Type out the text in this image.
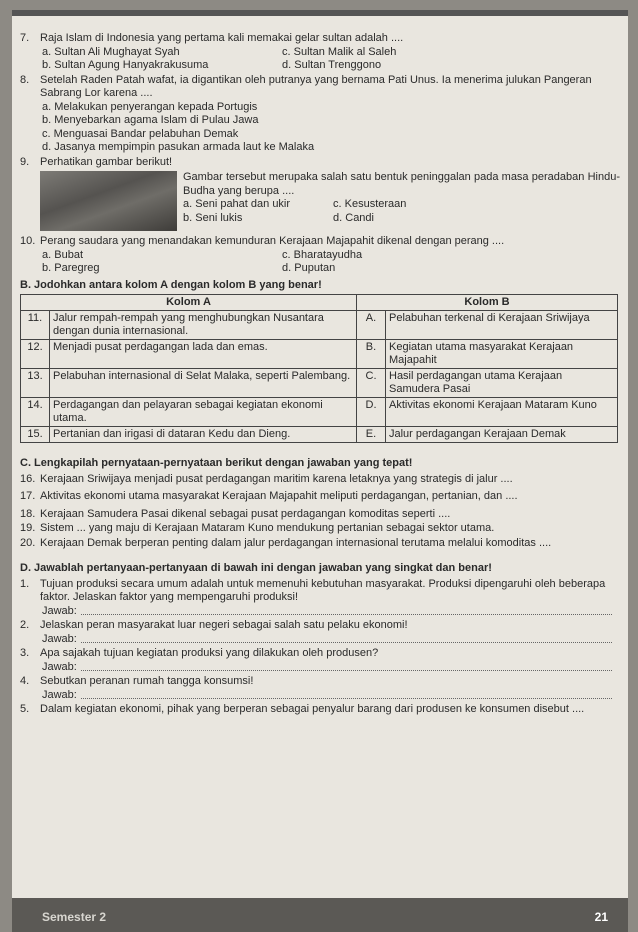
7. Raja Islam di Indonesia yang pertama kali memakai gelar sultan adalah ....
a. Sultan Ali Mughayat Syah	c. Sultan Malik al Saleh
b. Sultan Agung Hanyakrakusuma	d. Sultan Trenggono
8. Setelah Raden Patah wafat, ia digantikan oleh putranya yang bernama Pati Unus. Ia menerima julukan Pangeran Sabrang Lor karena ....
a. Melakukan penyerangan kepada Portugis
b. Menyebarkan agama Islam di Pulau Jawa
c. Menguasai Bandar pelabuhan Demak
d. Jasanya mempimpin pasukan armada laut ke Malaka
9. Perhatikan gambar berikut!
Gambar tersebut merupaka salah satu bentuk peninggalan pada masa peradaban Hindu-Budha yang berupa ....
a. Seni pahat dan ukir	c. Kesusteraan
b. Seni lukis	d. Candi
10. Perang saudara yang menandakan kemunduran Kerajaan Majapahit dikenal dengan perang ....
a. Bubat	c. Bharatayudha
b. Paregreg	d. Puputan
B. Jodohkan antara kolom A dengan kolom B yang benar!
Kolom A		Kolom B	
11.	Jalur rempah-rempah yang menghubungkan Nusantara dengan dunia internasional.	A.	Pelabuhan terkenal di Kerajaan Sriwijaya
12.	Menjadi pusat perdagangan lada dan emas.	B.	Kegiatan utama masyarakat Kerajaan Majapahit
13.	Pelabuhan internasional di Selat Malaka, seperti Palembang.	C.	Hasil perdagangan utama Kerajaan Samudera Pasai
14.	Perdagangan dan pelayaran sebagai kegiatan ekonomi utama.	D.	Aktivitas ekonomi Kerajaan Mataram Kuno
15.	Pertanian dan irigasi di dataran Kedu dan Dieng.	E.	Jalur perdagangan Kerajaan Demak
C. Lengkapilah pernyataan-pernyataan berikut dengan jawaban yang tepat!
16. Kerajaan Sriwijaya menjadi pusat perdagangan maritim karena letaknya yang strategis di jalur ....
17. Aktivitas ekonomi utama masyarakat Kerajaan Majapahit meliputi perdagangan, pertanian, dan ....
18. Kerajaan Samudera Pasai dikenal sebagai pusat perdagangan komoditas seperti ....
19. Sistem ... yang maju di Kerajaan Mataram Kuno mendukung pertanian sebagai sektor utama.
20. Kerajaan Demak berperan penting dalam jalur perdagangan internasional terutama melalui komoditas ....
D. Jawablah pertanyaan-pertanyaan di bawah ini dengan jawaban yang singkat dan benar!
1. Tujuan produksi secara umum adalah untuk memenuhi kebutuhan masyarakat. Produksi dipengaruhi oleh beberapa faktor. Jelaskan faktor yang mempengaruhi produksi!
Jawab:
2. Jelaskan peran masyarakat luar negeri sebagai salah satu pelaku ekonomi!
Jawab:
3. Apa sajakah tujuan kegiatan produksi yang dilakukan oleh produsen?
Jawab:
4. Sebutkan peranan rumah tangga konsumsi!
Jawab:
5. Dalam kegiatan ekonomi, pihak yang berperan sebagai penyalur barang dari produsen ke konsumen disebut ....
Semester 2	21
